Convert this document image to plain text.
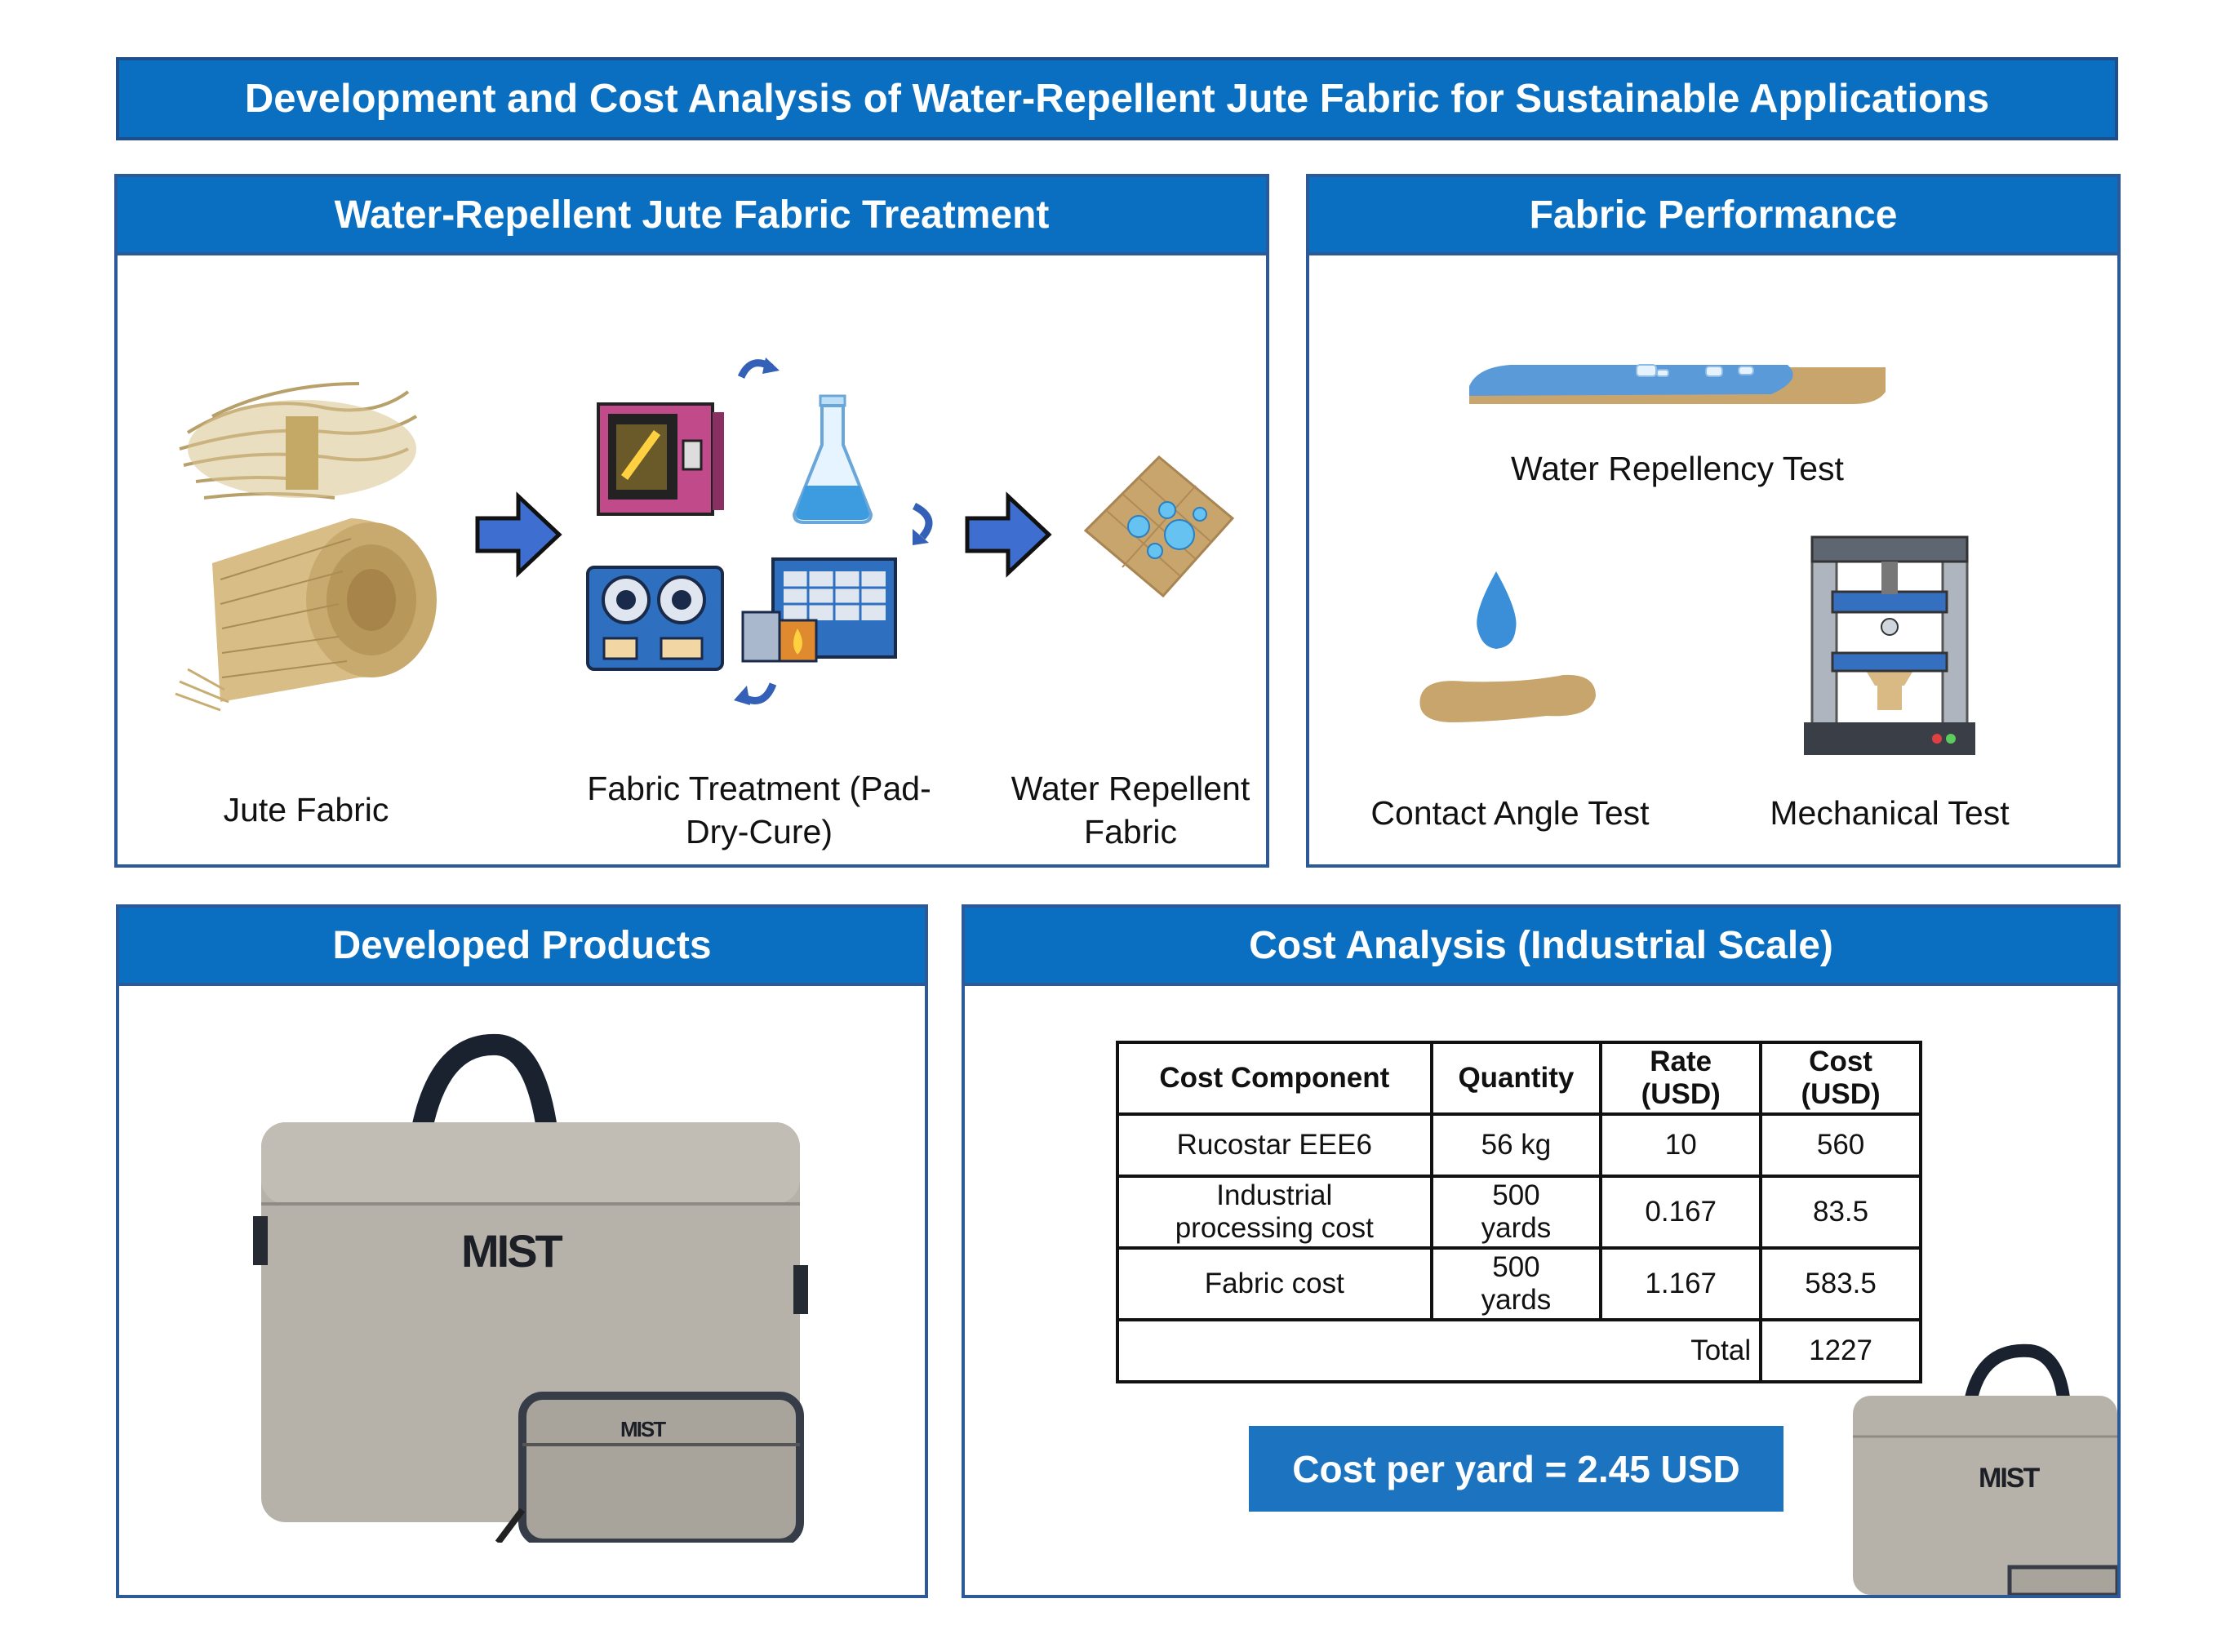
Development and Cost Analysis of Water-Repellent Jute Fabric for Sustainable Applications
Water-Repellent Jute Fabric Treatment
Jute Fabric
Fabric Treatment (Pad-Dry-Cure)
Water Repellent Fabric
Fabric Performance
Water Repellency Test
Contact Angle Test	Mechanical Test
Developed Products
MIST
MIST
Cost Analysis (Industrial Scale)
Cost Component	Quantity	Rate (USD)	Cost (USD)
Rucostar EEE6	56 kg	10	560
Industrial processing cost	500 yards	0.167	83.5
Fabric cost	500 yards	1.167	583.5
Total			1227
Cost per yard = 2.45 USD	MIST
